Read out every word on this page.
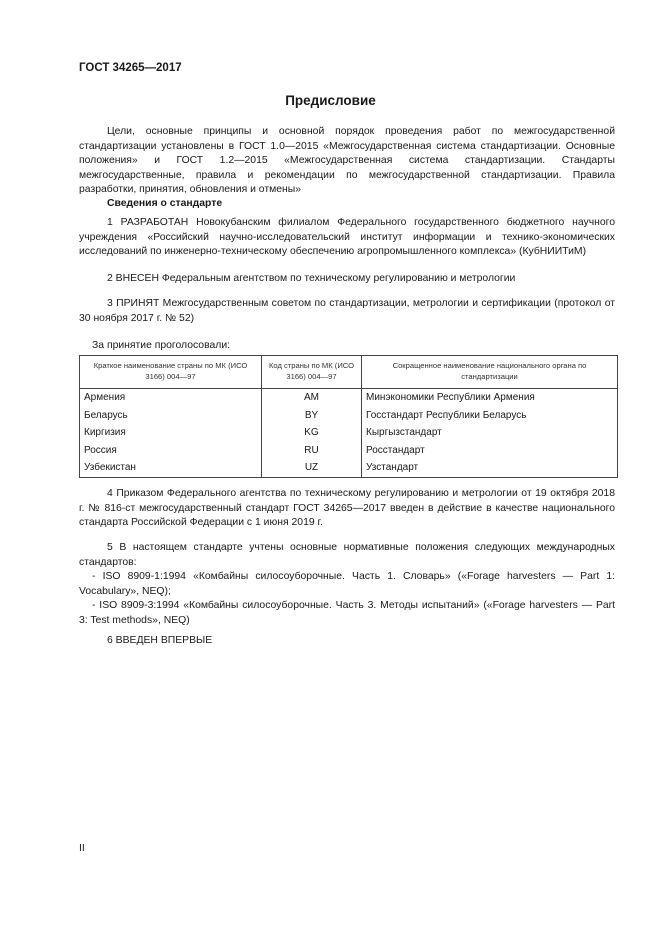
ГОСТ 34265—2017
Предисловие
Цели, основные принципы и основной порядок проведения работ по межгосударственной стандартизации установлены в ГОСТ 1.0—2015 «Межгосударственная система стандартизации. Основные положения» и ГОСТ 1.2—2015 «Межгосударственная система стандартизации. Стандарты межгосударственные, правила и рекомендации по межгосударственной стандартизации. Правила разработки, принятия, обновления и отмены»
Сведения о стандарте
1 РАЗРАБОТАН Новокубанским филиалом Федерального государственного бюджетного научного учреждения «Российский научно-исследовательский институт информации и технико-экономических исследований по инженерно-техническому обеспечению агропромышленного комплекса» (КубНИИТиМ)
2 ВНЕСЕН Федеральным агентством по техническому регулированию и метрологии
3 ПРИНЯТ Межгосударственным советом по стандартизации, метрологии и сертификации (протокол от 30 ноября 2017 г. № 52)
За принятие проголосовали:
Краткое наименование страны по МК (ИСО 3166) 004—97	Код страны по МК (ИСО 3166) 004—97	Сокращенное наименование национального органа по стандартизации
Армения	AM	Минэкономики Республики Армения
Беларусь	BY	Госстандарт Республики Беларусь
Киргизия	KG	Кыргызстандарт
Россия	RU	Росстандарт
Узбекистан	UZ	Узстандарт
4 Приказом Федерального агентства по техническому регулированию и метрологии от 19 октября 2018 г. № 816-ст межгосударственный стандарт ГОСТ 34265—2017 введен в действие в качестве национального стандарта Российской Федерации с 1 июня 2019 г.
5 В настоящем стандарте учтены основные нормативные положения следующих международных стандартов:
- ISO 8909-1:1994 «Комбайны силосоуборочные. Часть 1. Словарь» («Forage harvesters — Part 1: Vocabulary», NEQ);
- ISO 8909-3:1994 «Комбайны силосоуборочные. Часть 3. Методы испытаний» («Forage harvesters — Part 3: Test methods», NEQ)
6 ВВЕДЕН ВПЕРВЫЕ
II
